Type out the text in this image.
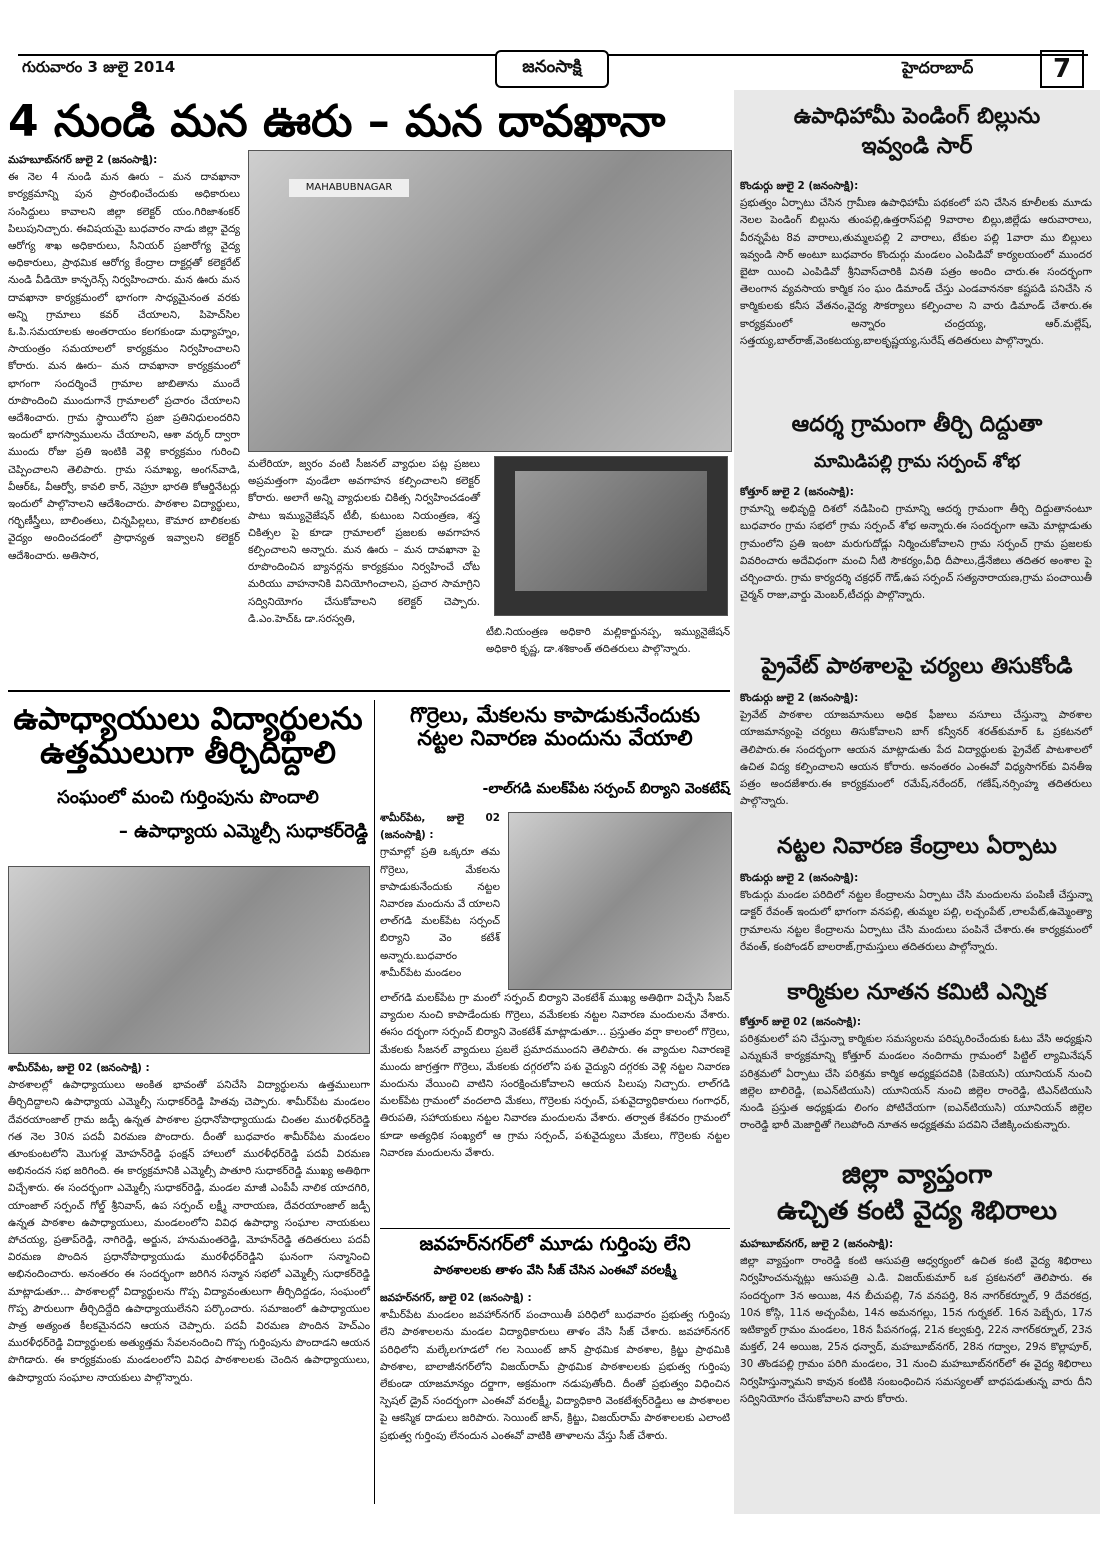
గురువారం 3 జులై 2014	జనంసాక్షి	హైదరాబాద్	7
4 నుండి మన ఊరు – మన దావఖానా
మహబూబ్‌నగర్ జులై 2 (జనంసాక్షి):
ఈ నెల 4 నుండి మన ఊరు – మన దావఖానా కార్యక్రమాన్ని పున ప్రారంభించేందుకు అధికారులు సంసిద్దులు కావాలని జిల్లా కలెక్టర్ యం.గిరిజాశంకర్ పిలుపునిచ్చారు. ఈవిషయమై బుధవారం నాడు జిల్లా వైద్య ఆరోగ్య శాఖ అధికారులు, సీనియర్ ప్రజారోగ్య వైద్య అధికారులు, ప్రాథమిక ఆరోగ్య కేంద్రాల దాక్టర్లతో కలెక్టరేట్ నుండి వీడియో కాన్ఫరెన్స్ నిర్వహించారు. మన ఊరు మన దావఖానా కార్యక్రమంలో భాగంగా సాధ్యమైనంత వరకు అన్ని గ్రామాలు కవర్ చేయాలని, పిహెచ్‌సిల ఓ.పి.సమయాలకు అంతరాయం కలగకుండా మధ్యాహ్నం, సాయంత్రం సమయాలలో కార్యక్రమం నిర్వహించాలని కోరారు. మన ఊరు– మన దావఖానా కార్యక్రమంలో భాగంగా సందర్శించే గ్రామాల జాబితాను ముందే రూపొందించి ముందుగానే గ్రామాలలో ప్రచారం చేయాలని ఆదేశించారు. గ్రామ స్థాయిలోని ప్రజా ప్రతినిధులందరిని ఇందులో భాగస్వాములను చేయాలని, ఆశా వర్కర్ ద్వారా ముందు రోజు ప్రతి ఇంటికి వెళ్లి కార్యక్రమం గురించి చెప్పించాలని తెలిపారు. గ్రామ సమాఖ్య, అంగన్‌వాడి, వీఆర్ఓ, వీఆర్వో, కావలి కార్, నెహ్రూ భారతి కోఆర్డినేటర్లు ఇందులో పాల్గొనాలని ఆదేశించారు. పాఠశాల విద్యార్థులు, గర్భిణీస్త్రీలు, బాలింతలు, చిన్నపిల్లలు, కౌమార బాలికలకు వైద్యం అందించడంలో ప్రాధాన్యత ఇవ్వాలని కలెక్టర్ ఆదేశించారు. అతిసార,
MAHABUBNAGAR
మలేరియా, జ్వరం వంటి సీజనల్ వ్యాధుల పట్ల ప్రజలు అప్రమత్తంగా వుండేలా అవగాహన కల్పించాలని కలెక్టర్ కోరారు. అలాగే అన్ని వ్యాధులకు చికిత్స నిర్వహించడంతో పాటు ఇమ్యునైజేషన్ టీబీ, కుటుంబ నియంత్రణ, శస్త్ర చికిత్సల పై కూడా గ్రామాలలో ప్రజలకు అవగాహన కల్పించాలని అన్నారు. మన ఊరు – మన దావఖానా పై రూపొందించిన బ్యానర్లను కార్యక్రమం నిర్వహించే చోట మరియు వాహనానికి వినియోగించాలని, ప్రచార సామాగ్రిని సద్వినియోగం చేసుకోవాలని కలెక్టర్ చెప్పారు. డి.ఎం.హెచ్ఓ డా.సరస్వతి,
టీబి.నియంత్రణ అధికారి మల్లికార్జునప్ప, ఇమ్యునైజేషన్ అధికారి కృష్ణ, డా.శశికాంత్ తదితరులు పాల్గొన్నారు.
ఉపాధ్యాయులు విద్యార్థులను
ఉత్తములుగా తీర్చిదిద్దాలి
సంఘంలో మంచి గుర్తింపును పొందాలి
– ఉపాధ్యాయ ఎమ్మెల్సీ సుధాకర్‌రెడ్డి
శామీర్‌పేట, జులై 02 (జనంసాక్షి) :
పాఠశాలల్లో ఉపాధ్యాయులు అంకిత భావంతో పనిచేసి విద్యార్థులను ఉత్తములుగా తీర్చిదిద్దాలని ఉపాధ్యాయ ఎమ్మెల్సీ సుధాకర్‌రెడ్డి హితవు చెప్పారు. శామీర్‌పేట మండలం దేవరయాంజాల్ గ్రామ జడ్పీ ఉన్నత పాఠశాల ప్రధానోపాధ్యాయుడు చింతల మురళీధర్‌రెడ్డి గత నెల 30న పదవీ విరమణ పొందారు. దీంతో బుధవారం శామీర్‌పేట మండలం తూంకుంటలోని మొగుళ్ల మోహన్‌రెడ్డి ఫంక్షన్ హాలులో మురళీధర్‌రెడ్డి పదవీ విరమణ అభినందన సభ జరిగింది. ఈ కార్యక్రమానికి ఎమ్మెల్సీ పాతూరి సుధాకర్‌రెడ్డి ముఖ్య అతిథిగా విచ్చేశారు. ఈ సందర్భంగా ఎమ్మెల్సీ సుధాకర్‌రెడ్డి, మండల మాజీ ఎంపీపీ నాలిక యాదగిరి, యాంజాల్ సర్పంచ్ గోల్డ్ శ్రీనివాస్, ఉప సర్పంచ్ లక్ష్మీ నారాయణ, దేవరయాంజాల్ జడ్పీ ఉన్నత పాఠశాల ఉపాధ్యాయులు, మండలంలోని వివిధ ఉపాధ్యా సంఘాల నాయకులు పోచయ్య, ప్రతాప్‌రెడ్డి, నాగిరెడ్డి, అర్జున, హనుమంతరెడ్డి, మోహన్‌రెడ్డి తదితరులు పదవీ విరమణ పొందిన ప్రధానోపాధ్యాయుడు మురళీధర్‌రెడ్డిని ఘనంగా సన్మానించి అభినందించారు. అనంతరం ఈ సందర్భంగా జరిగిన సన్మాన సభలో ఎమ్మెల్సీ సుధాకర్‌రెడ్డి మాట్లాడుతూ... పాఠశాలల్లో విద్యార్థులను గొప్ప విద్యావంతులుగా తీర్చిదిద్దడం, సంఘంలో గొప్ప పౌరులుగా తీర్చిదిద్దేది ఉపాధ్యాయులేనని పర్కొంచారు. సమాజంలో ఉపాధ్యాయుల పాత్ర అత్యంత కీలకమైనదని ఆయన చెప్పారు. పదవీ విరమణ పొందిన హెచ్ఎం మురళీధర్‌రెడ్డి విద్యార్థులకు అత్యుత్తమ సేవలనందించి గొప్ప గుర్తింపును పొందాడని ఆయన పొగిడారు. ఈ కార్యక్రమంకు మండలంలోని వివిధ పాఠశాలలకు చెందిన ఉపాధ్యాయులు, ఉపాధ్యాయ సంఘాల నాయకులు పాల్గొన్నారు.
గొర్రెలు, మేకలను కాపాడుకునేందుకు
నట్టల నివారణ మందును వేయాలి
-లాల్‌గడి మలక్‌పేట సర్పంచ్ బిర్యాని వెంకటేష్
శామీర్‌పేట, జులై 02 (జనంసాక్షి) :
గ్రామాల్లో ప్రతి ఒక్కరూ తమ గొర్రెలు, మేకలను కాపాడుకునేందుకు నట్టల నివారణ మందును వే యాలని లాల్‌గడి మలక్‌పేట సర్పంచ్ బిర్యాని వెం కటేశ్ అన్నారు.బుధవారం శామీర్‌పేట మండలం
లాల్‌గడి మలక్‌పేట గ్రా మంలో సర్పంచ్ బిర్యాని వెంకటేశ్ ముఖ్య అతిథిగా విచ్చేసి సీజన్ వ్యాదుల నుంచి కాపాడేందుకు గొర్రెలు, వమేకలకు నట్టల నివారణ మందులను వేశారు. ఈసం దర్భంగా సర్పంచ్ బిర్యాని వెంకటేశ్ మాట్లాడుతూ... ప్రస్తుతం వర్షా కాలంలో గొర్రెలు, మేకలకు సీజనల్ వ్యాదులు ప్రబలే ప్రమాదముందని తెలిపారు. ఈ వ్యాదుల నివారణకై ముందు జాగ్రత్తగా గొర్రెలు, మేకలకు దగ్గరలోని పశు వైద్యుని దగ్గరకు వెళ్లి నట్టల నివారణ మందును వేయించి వాటిని సంరక్షించుకోవాలని ఆయన పిలుపు నిచ్చారు. లాల్‌గడి మలక్‌పేట గ్రామంలో వందలాది మేకలు, గొర్రెలకు సర్పంచ్, పశువైద్యాధికారులు గంగాధర్, తిరుపతి, సహాయకులు నట్టల నివారణ మందులను వేశారు. తర్వాత కేశవరం గ్రామంలో కూడా అత్యధిక సంఖ్యలో ఆ గ్రామ సర్పంచ్, పశువైద్యులు మేకలు, గొర్రెలకు నట్టల నివారణ మందులను వేశారు.
జవహర్‌నగర్‌లో మూడు గుర్తింపు లేని
పాఠశాలలకు తాళం వేసి సీజ్ చేసిన ఎంఈవో వరలక్ష్మీ
జవహర్‌నగర్, జులై 02 (జనంసాక్షి) :
శామీర్‌పేట మండలం జవహార్‌నగర్ పంచాయితీ పరిధిలో బుధవారం ప్రభుత్వ గుర్తింపు లేని పాఠశాలలను మండల విద్యాధికారులు తాళం వేసి సీజ్ చేశారు. జవహార్‌నగర్ పరిధిలోని మల్కేలగూడలో గల సెయింట్ జాన్ ప్రాథమిక పాఠశాల, క్రిట్జు ప్రాథమికి పాఠశాల, బాలాజీనగర్‌లోని విజయ్‌రామ్ ప్రాథమిక పాఠశాలలకు ప్రభుత్వ గుర్తింపు లేకుండా యాజమాన్యం దర్జాగా, అక్రమంగా నడుపుతోంది. దీంతో ప్రభుత్వం విధించిన స్పెషల్ డ్రైవ్ సందర్భంగా ఎంఈవో వరలక్ష్మీ, విద్యాధికారి వెంకటేశ్వర్‌రెడ్డిలు ఆ పాఠశాలల పై ఆకస్మిక దాడులు జరిపారు. సెయింట్ జాన్, క్రిట్జు, విజయ్‌రామ్ పాఠశాలలకు ఎలాంటి ప్రభుత్వ గుర్తింపు లేనందున ఎంఈవో వాటికి తాళాలను వేస్తు సీజ్ చేశారు.
ఉపాధిహామీ పెండింగ్ బిల్లును
ఇవ్వండి సార్
కొండుర్గు జులై 2 (జనంసాక్షి):
ప్రభుత్వం ఏర్పాటు చేసిన గ్రామీణ ఉపాధిహామీ పథకంలో పని చేసిన కూలీలకు మూడు నెలల పెండింగ్ బిల్లును తుంపల్లి,ఉత్తరాస్‌పల్లి 9వారాల బిల్లు,జిల్లేడు ఆరువారాలు, వీరన్నపేట 8వ వారాలు,తుమ్మలపల్లి 2 వారాలు, టేకుల పల్లి 1వారా ము బిల్లులు ఇవ్వండి సార్ అంటూ బుధవారం కొందుర్గు మండలం ఎంపిడివో కార్యలయంలో ముందర బైటా యించి ఎంపిడివో శ్రీనివాస్‌చారికి వినతి పత్రం అందిం చారు.ఈ సందర్భంగా తెలంగాన వ్యవసాయ కార్మిక సం ఘం డిమాండ్ చేస్తు ఎండవాననకా కష్టపడి పనిచేసి న కార్మికులకు కనీస వేతనం,వైద్య సౌకర్యాలు కల్పించాల ని వారు డిమాండ్ చేశారు.ఈ కార్యక్రమంలో అన్నారం చంద్రయ్య, ఆర్.మల్లేష్, సత్తయ్య,బాల్‌రాజ్,వెంకటయ్య,బాలకృష్ణయ్య,సురేష్ తదితరులు పాల్గొన్నారు.
ఆదర్శ గ్రామంగా తీర్చి దిద్దుతా
మామిడిపల్లి గ్రామ సర్పంచ్ శోభ
కోత్తూర్ జులై 2 (జనంసాక్షి):
గ్రామాన్ని అభివృద్ది దిశలో నడిపించి గ్రామాన్ని ఆదర్శ గ్రామంగా తీర్చి దిద్దుతానంటూ బుధవారం గ్రామ సభలో గ్రామ సర్పంచ్ శోభ అన్నారు.ఈ సందర్భంగా ఆమె మాట్లాడుతు గ్రామంలోని ప్రతి ఇంటా మరుగుదోడ్లు నిర్మించుకోవాలని గ్రామ సర్పంచ్ గ్రామ ప్రజలకు వివరించారు అదేవిధంగా మంచి నీటి సౌకర్యం,వీధి దీపాలు,డ్రేనేజిలు తదితర అంశాల పై చర్చించారు. గ్రామ కార్యదర్శి చక్రధర్ గౌడ్,ఉప సర్పంచ్ సత్యనారాయణ,గ్రామ పంచాయితీ చైర్మన్ రాజు,వార్డు మెంబర్,టీచర్లు పాల్గొన్నారు.
ప్రైవేట్ పాఠశాలపై చర్యలు తిసుకోండి
కొండుర్గు జులై 2 (జనంసాక్షి):
ప్రైవేట్ పాఠశాల యాజమానులు అధిక ఫీజులు వసూలు చేస్తున్నా పాఠశాల యాజమాన్యంపై చర్యలు తిసుకోవాలని బాగ్ కన్వీనర్ శరత్‌కుమార్ ఓ ప్రకటనలో తెలిపారు.ఈ సందర్భంగా ఆయన మాట్లాడుతు పేద విద్యార్థులకు ప్రైవేట్ పాటశాలలో ఉచిత విద్య కల్పించాలని ఆయన కోరారు. అనంతరం ఎంఈవో విధ్యసాగర్‌కు వినతీఇ పత్రం అందజేశారు.ఈ కార్యక్రమంలో రమేష్,నరేందర్, గణేష్,నర్సింహ్మ తదితరులు పాల్గొన్నారు.
నట్టల నివారణ కేంద్రాలు ఏర్పాటు
కొండుర్గు జులై 2 (జనంసాక్షి):
కొండుర్గు మండల పరిదిలో నట్టల కేంద్రాలను ఏర్పాటు చేసి మందులను పంపిణీ చేస్తున్నా డాక్టర్ రేవంత్ ఇందులో భాగంగా వనపల్లి, తుమ్మల పల్లి, లచ్చంపేట్ ,లాలపేట్,ఉమ్మెంత్యా గ్రామాలను నట్టల కేంద్రాలను ఏర్పాటు చేసి మందులు పంపినే చేశారు.ఈ కార్యక్రమంలో రేవంత్, కంపోండర్ బాలరాజ్,గ్రామస్తులు తదితరులు పాల్గోన్నారు.
కార్మికుల నూతన కమిటి ఎన్నిక
కోత్తూర్ జులై 02 (జనంసాక్షి):
పరిశ్రమలలో పని చేస్తున్నా కార్మికుల సమస్యలను పరిష్కరించేందుకు ఓటు వేసి అధ్యక్షుని ఎన్నుకునే కార్యక్రమాన్ని కోత్తూర్ మండలం నందిగామ గ్రామంలో పిట్టిల్ ల్యామినేషన్ పరిశ్రమలో ఏర్పాటు చేసి పరిశ్రమ కార్మిక అధ్యక్షపదవికి (పికెయసి) యూనియన్ నుంచి జిల్లెల బాలిరెడ్డి, (ఐఎన్‌టియుసి) యూనియన్ నుంచి జిల్లెల రాంరెడ్డి, టిఎన్‌టియుసి నుండి ప్రస్తుత అధ్యక్షుడు లింగం పోటిచేయగా (ఐఎన్‌టియుసి) యూనియన్ జిల్లెల రాంరెడ్డి భారీ మెజార్టితో గెలుపోంది నూతన అధ్యక్షతమ పదవిని చేజిక్కించుకున్నారు.
జిల్లా వ్యాప్తంగా
ఉచ్చిత కంటి వైద్య శిభిరాలు
మహబూబ్‌నగర్, జులై 2 (జనంసాక్షి):
జిల్లా వ్యాప్తంగా రాంరెడ్డి కంటి ఆసుపత్రి ఆధ్వర్యంలో ఉచిత కంటి వైద్య శిభిరాలు నిర్వహించనున్నట్లు ఆసుపత్రి ఎ.డి. విజయ్‌కుమార్ ఒక ప్రకటనలో తెలిపారు. ఈ సందర్భంగా 3న అయిజ, 4న బీచుపల్లి, 7న వనపర్తి, 8న నాగర్‌కర్నూల్, 9 దేవరకద్ర, 10న కోస్గి, 11న అచ్చంపేట, 14న అమనగల్లు, 15న గుర్నకల్. 16న పెబ్బేరు, 17న ఇటిక్యాల్ గ్రామం మండలం, 18న పీపనగండ్ల, 21న కల్వకుర్తి, 22న నాగర్‌కర్నూల్, 23న మక్తల్, 24 అయిజ, 25న ధన్వాద్, మహబూబ్‌నగర్, 28న గద్వాల, 29న కొల్లాపూర్, 30 తొండపల్లి గ్రామం పరిగి మండలం, 31 నుంచి మహబూబ్‌నగర్‌లో ఈ వైద్య శిభిరాలు నిర్వహిస్తున్నామని కావున కంటికి సంబంధించిన సమస్యలతో బాధపడుతున్న వారు దీని సద్వినియోగం చేసుకోవాలని వారు కోరారు.
